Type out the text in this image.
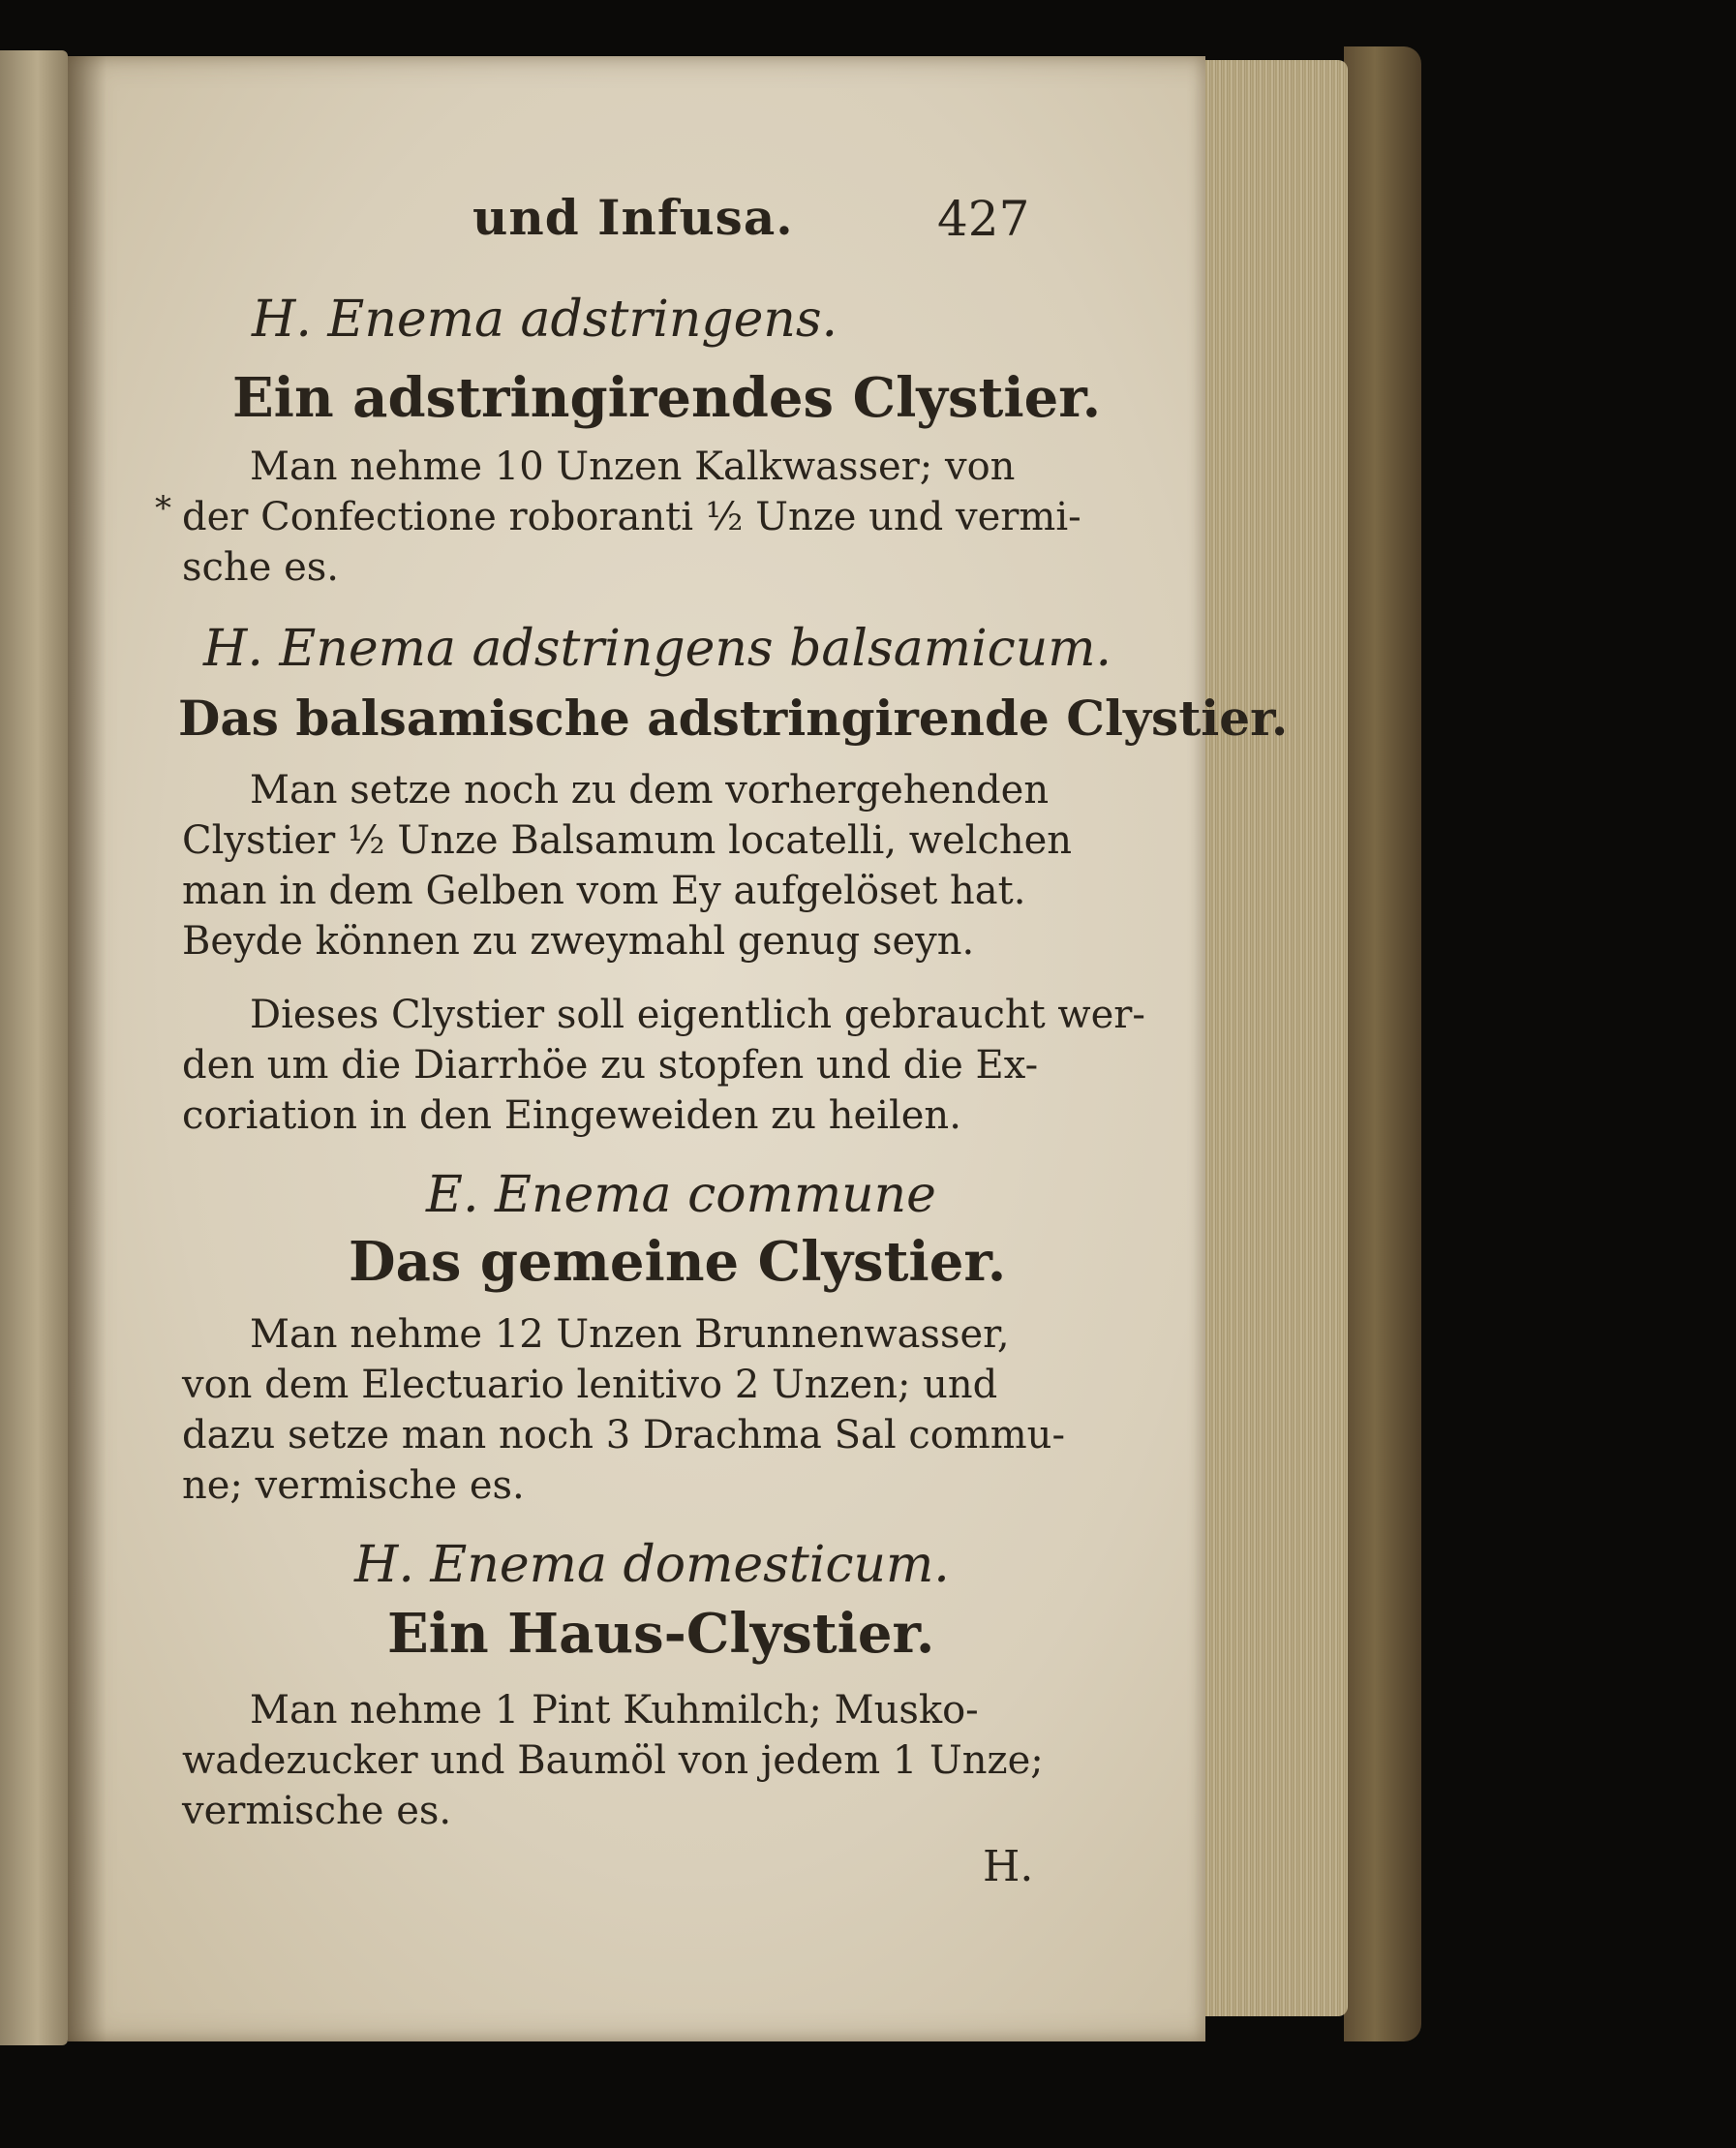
und Infusa.	427
H. Enema adstringens.
Ein adstringirendes Clystier.
Man nehme 10 Unzen Kalkwasser; von
* der Confectione roboranti ½ Unze und vermi-
sche es.
H. Enema adstringens balsamicum.
Das balsamische adstringirende Clystier.
Man setze noch zu dem vorhergehenden
Clystier ½ Unze Balsamum locatelli, welchen
man in dem Gelben vom Ey aufgelöset hat.
Beyde können zu zweymahl genug seyn.
Dieses Clystier soll eigentlich gebraucht wer-
den um die Diarrhöe zu stopfen und die Ex-
coriation in den Eingeweiden zu heilen.
E. Enema commune
Das gemeine Clystier.
Man nehme 12 Unzen Brunnenwasser,
von dem Electuario lenitivo 2 Unzen; und
dazu setze man noch 3 Drachma Sal commu-
ne; vermische es.
H. Enema domesticum.
Ein Haus-Clystier.
Man nehme 1 Pint Kuhmilch; Musko-
wadezucker und Baumöl von jedem 1 Unze;
vermische es.
H.
